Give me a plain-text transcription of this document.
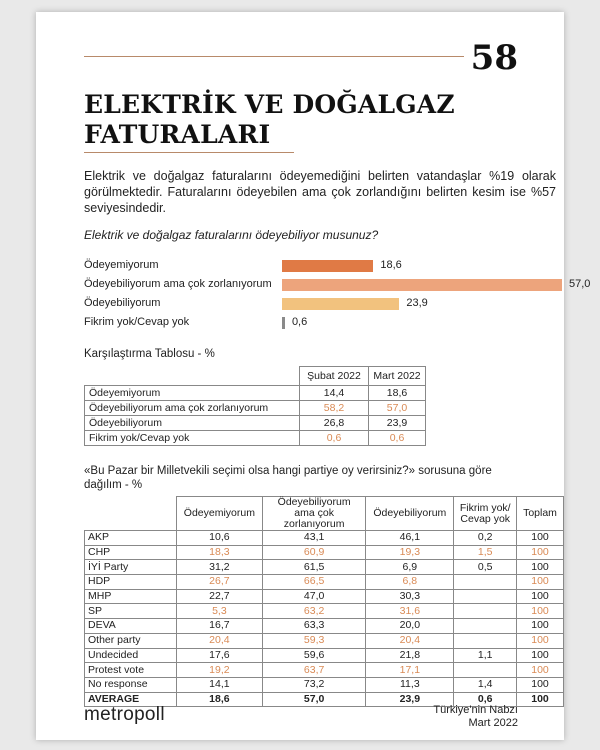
58
ELEKTRİK VE DOĞALGAZ
FATURALARI
Elektrik ve doğalgaz faturalarını ödeyemediğini belirten vatandaşlar %19 olarak görülmektedir. Faturalarını ödeyebilen ama çok zorlandığını belirten kesim ise %57 seviyesindedir.
Elektrik ve doğalgaz faturalarını ödeyebiliyor musunuz?
Ödeyemiyorum	18,6
Ödeyebiliyorum ama çok zorlanıyorum	57,0
Ödeyebiliyorum	23,9
Fikrim yok/Cevap yok	0,6
Karşılaştırma Tablosu - %
	Şubat 2022	Mart 2022
Ödeyemiyorum	14,4	18,6
Ödeyebiliyorum ama çok zorlanıyorum	58,2	57,0
Ödeyebiliyorum	26,8	23,9
Fikrim yok/Cevap yok	0,6	0,6
«Bu Pazar bir Milletvekili seçimi olsa hangi partiye oy verirsiniz?» sorusuna göre
dağılım - %
	Ödeyemiyorum	Ödeyebiliyorum ama çok zorlanıyorum	Ödeyebiliyorum	Fikrim yok/ Cevap yok	Toplam
AKP	10,6	43,1	46,1	0,2	100
CHP	18,3	60,9	19,3	1,5	100
İYİ Party	31,2	61,5	6,9	0,5	100
HDP	26,7	66,5	6,8		100
MHP	22,7	47,0	30,3		100
SP	5,3	63,2	31,6		100
DEVA	16,7	63,3	20,0		100
Other party	20,4	59,3	20,4		100
Undecided	17,6	59,6	21,8	1,1	100
Protest vote	19,2	63,7	17,1		100
No response	14,1	73,2	11,3	1,4	100
AVERAGE	18,6	57,0	23,9	0,6	100
metropoll	Türkiye'nin Nabzı
Mart 2022
